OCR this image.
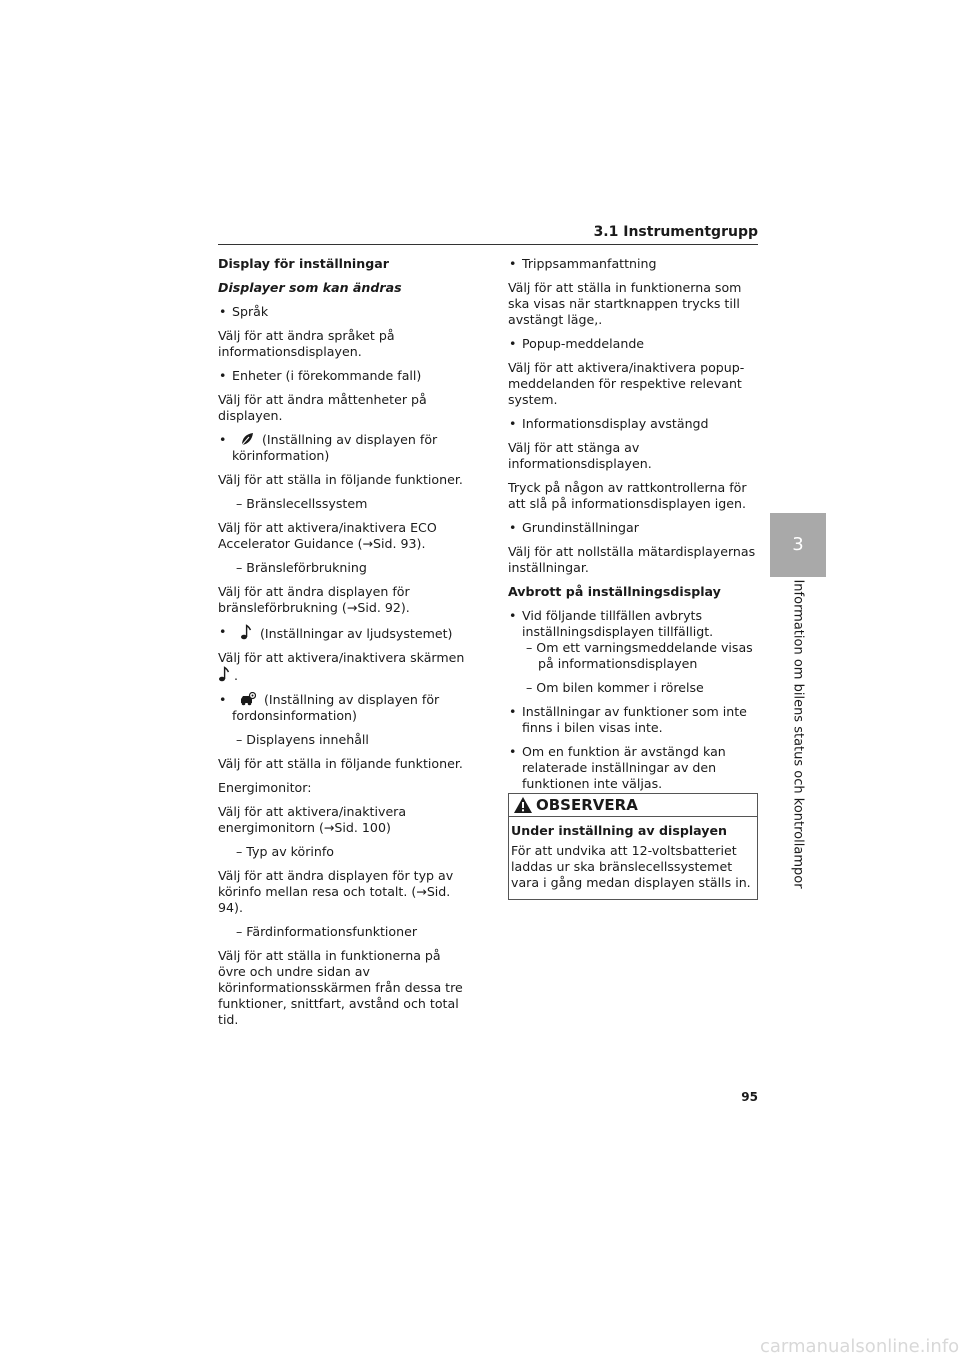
3.1 Instrumentgrupp

Display för inställningar

Displayer som kan ändras

• Språk

Välj för att ändra språket på informationsdisplayen.

• Enheter (i förekommande fall)

Välj för att ändra måttenheter på displayen.

• (Inställning av displayen för körinformation)

Välj för att ställa in följande funktioner.

– Bränslecellssystem

Välj för att aktivera/inaktivera ECO Accelerator Guidance (→Sid. 93).

– Bränsleförbrukning

Välj för att ändra displayen för bränsleförbrukning (→Sid. 92).

• (Inställningar av ljudsystemet)

Välj för att aktivera/inaktivera skärmen
.

• (Inställning av displayen för fordonsinformation)

– Displayens innehåll

Välj för att ställa in följande funktioner.

Energimonitor:

Välj för att aktivera/inaktivera energimonitorn (→Sid. 100)

– Typ av körinfo

Välj för att ändra displayen för typ av körinfo mellan resa och totalt. (→Sid. 94).

– Färdinformationsfunktioner

Välj för att ställa in funktionerna på övre och undre sidan av körinformationsskärmen från dessa tre funktioner, snittfart, avstånd och total tid.

• Trippsammanfattning

Välj för att ställa in funktionerna som ska visas när startknappen trycks till avstängt läge,.

• Popup-meddelande

Välj för att aktivera/inaktivera popup-meddelanden för respektive relevant system.

• Informationsdisplay avstängd

Välj för att stänga av informationsdisplayen.

Tryck på någon av rattkontrollerna för att slå på informationsdisplayen igen.

• Grundinställningar

Välj för att nollställa mätardisplayernas inställningar.

Avbrott på inställningsdisplay

• Vid följande tillfällen avbryts inställningsdisplayen tillfälligt.

– Om ett varningsmeddelande visas på informationsdisplayen

– Om bilen kommer i rörelse

• Inställningar av funktioner som inte finns i bilen visas inte.

• Om en funktion är avstängd kan relaterade inställningar av den funktionen inte väljas.

OBSERVERA

Under inställning av displayen

För att undvika att 12-voltsbatteriet laddas ur ska bränslecellssystemet vara i gång medan displayen ställs in.

3
Information om bilens status och kontrollampor
95
carmanualsonline.info
